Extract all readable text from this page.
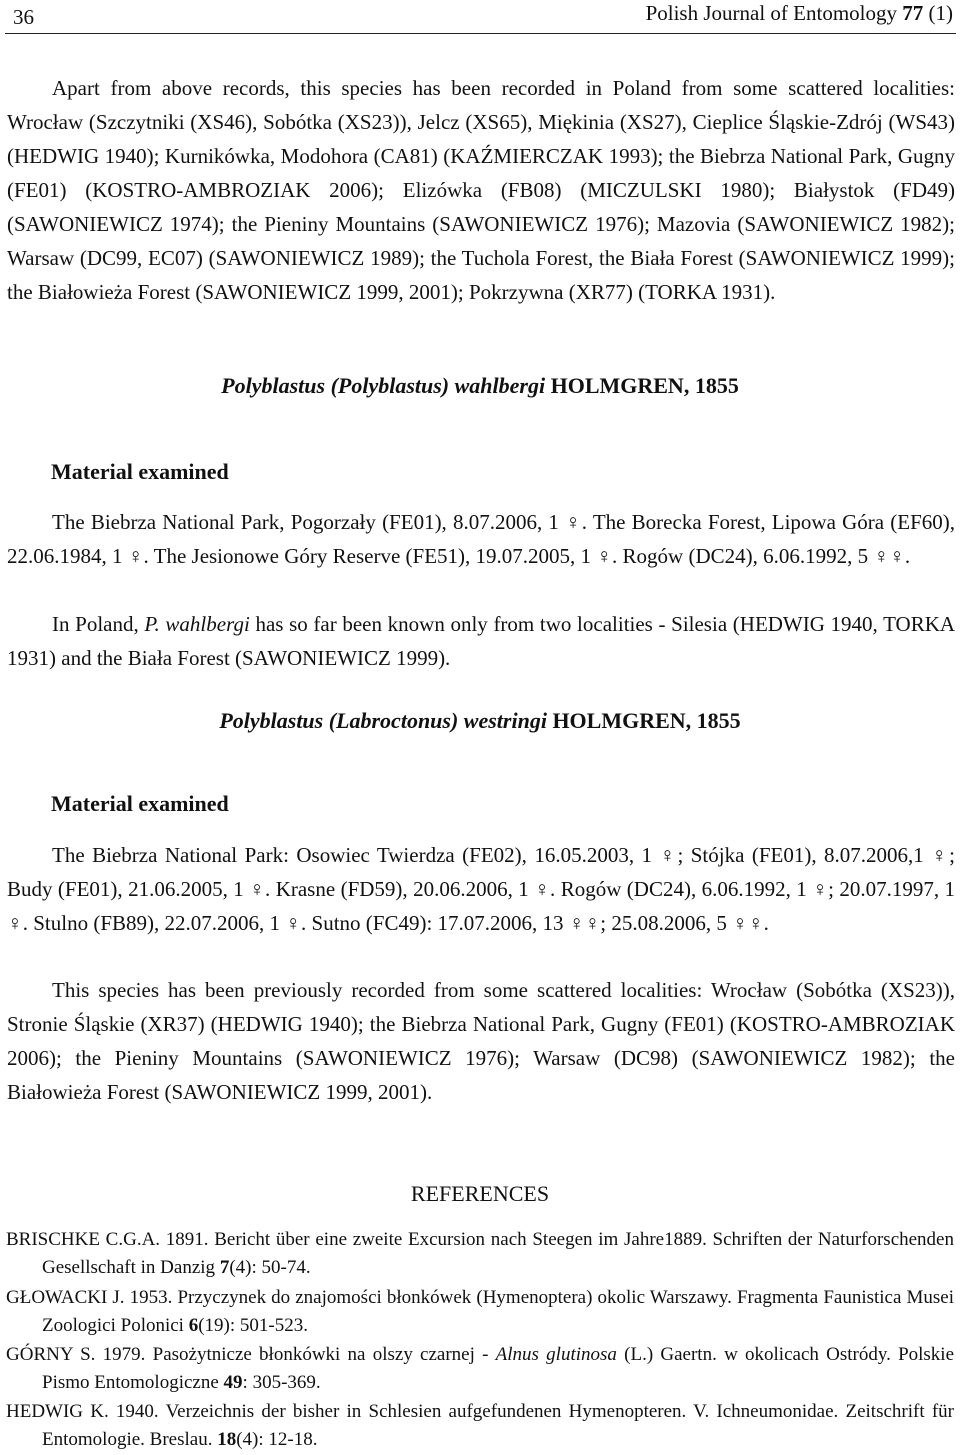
36	Polish Journal of Entomology 77 (1)

Apart from above records, this species has been recorded in Poland from some scattered localities: Wrocław (Szczytniki (XS46), Sobótka (XS23)), Jelcz (XS65), Miękinia (XS27), Cieplice Śląskie-Zdrój (WS43) (HEDWIG 1940); Kurnikówka, Modohora (CA81) (KAŹMIERCZAK 1993); the Biebrza National Park, Gugny (FE01) (KOSTRO-AMBROZIAK 2006); Elizówka (FB08) (MICZULSKI 1980); Białystok (FD49) (SAWONIEWICZ 1974); the Pieniny Mountains (SAWONIEWICZ 1976); Mazovia (SAWONIEWICZ 1982); Warsaw (DC99, EC07) (SAWONIEWICZ 1989); the Tuchola Forest, the Biała Forest (SAWONIEWICZ 1999); the Białowieża Forest (SAWONIEWICZ 1999, 2001); Pokrzywna (XR77) (TORKA 1931).

Polyblastus (Polyblastus) wahlbergi HOLMGREN, 1855

Material examined

The Biebrza National Park, Pogorzały (FE01), 8.07.2006, 1 ♀. The Borecka Forest, Lipowa Góra (EF60), 22.06.1984, 1 ♀. The Jesionowe Góry Reserve (FE51), 19.07.2005, 1 ♀. Rogów (DC24), 6.06.1992, 5 ♀♀.

In Poland, P. wahlbergi has so far been known only from two localities - Silesia (HEDWIG 1940, TORKA 1931) and the Biała Forest (SAWONIEWICZ 1999).

Polyblastus (Labroctonus) westringi HOLMGREN, 1855

Material examined

The Biebrza National Park: Osowiec Twierdza (FE02), 16.05.2003, 1 ♀; Stójka (FE01), 8.07.2006,1 ♀; Budy (FE01), 21.06.2005, 1 ♀. Krasne (FD59), 20.06.2006, 1 ♀. Rogów (DC24), 6.06.1992, 1 ♀; 20.07.1997, 1 ♀. Stulno (FB89), 22.07.2006, 1 ♀. Sutno (FC49): 17.07.2006, 13 ♀♀; 25.08.2006, 5 ♀♀.

This species has been previously recorded from some scattered localities: Wrocław (Sobótka (XS23)), Stronie Śląskie (XR37) (HEDWIG 1940); the Biebrza National Park, Gugny (FE01) (KOSTRO-AMBROZIAK 2006); the Pieniny Mountains (SAWONIEWICZ 1976); Warsaw (DC98) (SAWONIEWICZ 1982); the Białowieża Forest (SAWONIEWICZ 1999, 2001).

REFERENCES

BRISCHKE C.G.A. 1891. Bericht über eine zweite Excursion nach Steegen im Jahre1889. Schriften der Naturforschenden Gesellschaft in Danzig 7(4): 50-74.

GŁOWACKI J. 1953. Przyczynek do znajomości błonkówek (Hymenoptera) okolic Warszawy. Fragmenta Faunistica Musei Zoologici Polonici 6(19): 501-523.

GÓRNY S. 1979. Pasożytnicze błonkówki na olszy czarnej - Alnus glutinosa (L.) Gaertn. w okolicach Ostródy. Polskie Pismo Entomologiczne 49: 305-369.

HEDWIG K. 1940. Verzeichnis der bisher in Schlesien aufgefundenen Hymenopteren. V. Ichneumonidae. Zeitschrift für Entomologie. Breslau. 18(4): 12-18.
